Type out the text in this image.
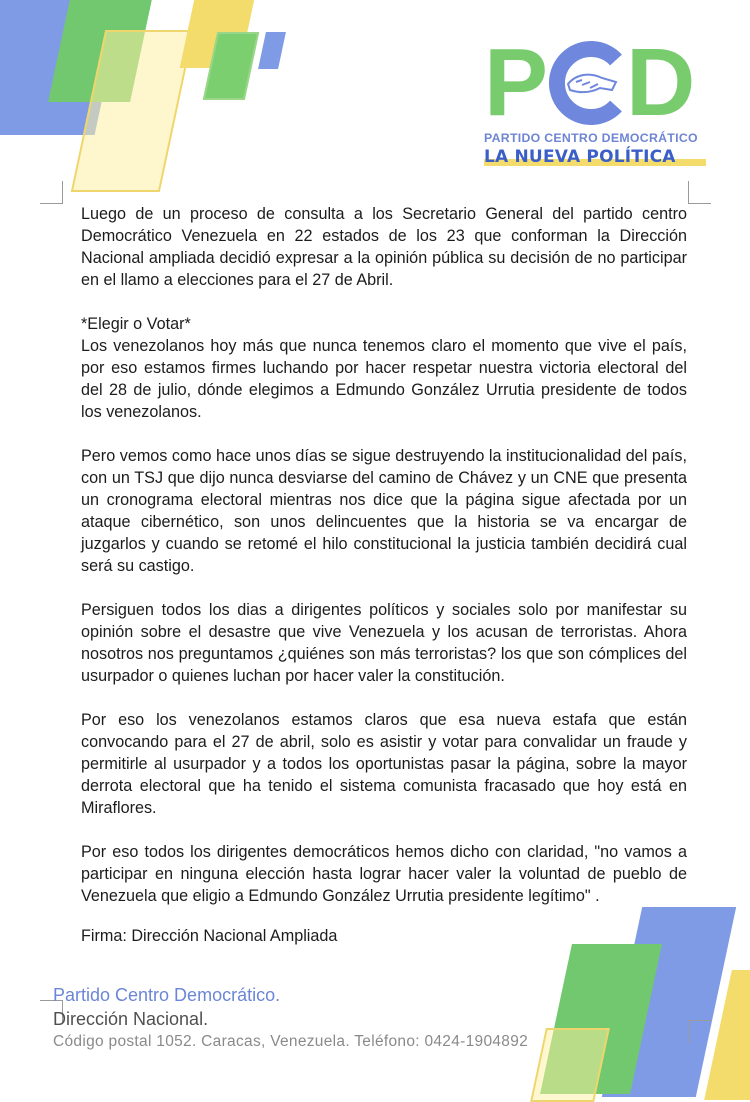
P D
PARTIDO CENTRO DEMOCRÁTICO
LA NUEVA POLÍTICA

Luego de un proceso de consulta a los Secretario General del partido centro Democrático Venezuela en 22 estados de los 23 que conforman la Dirección Nacional ampliada decidió expresar a la opinión pública su decisión de no participar en el llamo a elecciones para el 27 de Abril.

*Elegir o Votar*

Los venezolanos hoy más que nunca tenemos claro el momento que vive el país, por eso estamos firmes luchando por hacer respetar nuestra victoria electoral del del 28 de julio, dónde elegimos a Edmundo González Urrutia presidente de todos los venezolanos.

Pero vemos como hace unos días se sigue destruyendo la institucionalidad del país, con un TSJ que dijo nunca desviarse del camino de Chávez y un CNE que presenta un cronograma electoral mientras nos dice que la página sigue afectada por un ataque cibernético, son unos delincuentes que la historia se va encargar de juzgarlos y cuando se retomé el hilo constitucional la justicia también decidirá cual será su castigo.

Persiguen todos los dias a dirigentes políticos y sociales solo por manifestar su opinión sobre el desastre que vive Venezuela y los acusan de terroristas. Ahora nosotros nos preguntamos ¿quiénes son más terroristas? los que son cómplices del usurpador o quienes luchan por hacer valer la constitución.

Por eso los venezolanos estamos claros que esa nueva estafa que están convocando para el 27 de abril, solo es asistir y votar para convalidar un fraude y permitirle al usurpador y a todos los oportunistas pasar la página, sobre la mayor derrota electoral que ha tenido el sistema comunista fracasado que hoy está en Miraflores.

Por eso todos los dirigentes democráticos hemos dicho con claridad, "no vamos a participar en ninguna elección hasta lograr hacer valer la voluntad de pueblo de Venezuela que eligio a Edmundo González Urrutia presidente legítimo" .

Firma: Dirección Nacional Ampliada

Partido Centro Democrático.
Dirección Nacional.
Código postal 1052. Caracas, Venezuela. Teléfono: 0424-1904892
